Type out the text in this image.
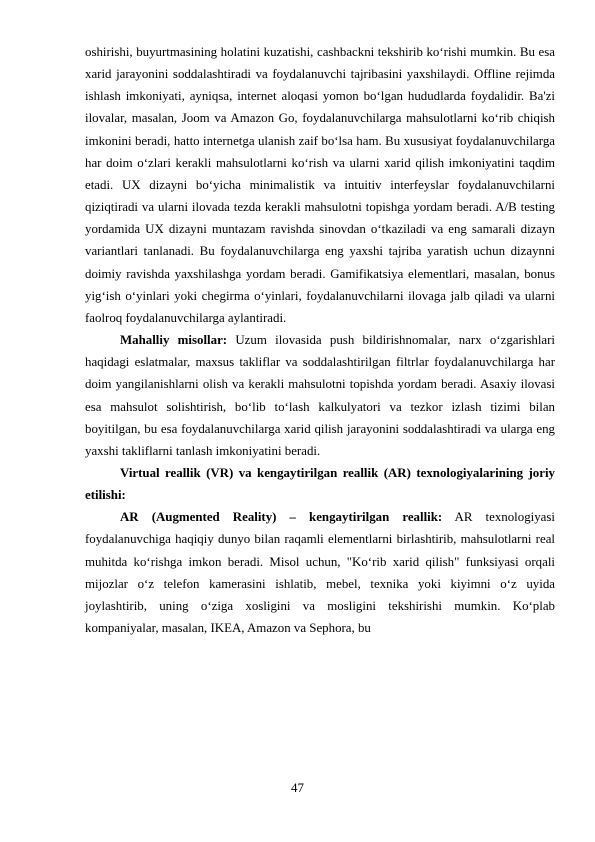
oshirishi, buyurtmasining holatini kuzatishi, cashbackni tekshirib ko‘rishi mumkin. Bu esa xarid jarayonini soddalashtiradi va foydalanuvchi tajribasini yaxshilaydi. Offline rejimda ishlash imkoniyati, ayniqsa, internet aloqasi yomon bo‘lgan hududlarda foydalidir. Ba'zi ilovalar, masalan, Joom va Amazon Go, foydalanuvchilarga mahsulotlarni ko‘rib chiqish imkonini beradi, hatto internetga ulanish zaif bo‘lsa ham. Bu xususiyat foydalanuvchilarga har doim o‘zlari kerakli mahsulotlarni ko‘rish va ularni xarid qilish imkoniyatini taqdim etadi. UX dizayni bo‘yicha minimalistik va intuitiv interfeyslar foydalanuvchilarni qiziqtiradi va ularni ilovada tezda kerakli mahsulotni topishga yordam beradi. A/B testing yordamida UX dizayni muntazam ravishda sinovdan o‘tkaziladi va eng samarali dizayn variantlari tanlanadi. Bu foydalanuvchilarga eng yaxshi tajriba yaratish uchun dizaynni doimiy ravishda yaxshilashga yordam beradi. Gamifikatsiya elementlari, masalan, bonus yig‘ish o‘yinlari yoki chegirma o‘yinlari, foydalanuvchilarni ilovaga jalb qiladi va ularni faolroq foydalanuvchilarga aylantiradi.

Mahalliy misollar: Uzum ilovasida push bildirishnomalar, narx o‘zgarishlari haqidagi eslatmalar, maxsus takliflar va soddalashtirilgan filtrlar foydalanuvchilarga har doim yangilanishlarni olish va kerakli mahsulotni topishda yordam beradi. Asaxiy ilovasi esa mahsulot solishtirish, bo‘lib to‘lash kalkulyatori va tezkor izlash tizimi bilan boyitilgan, bu esa foydalanuvchilarga xarid qilish jarayonini soddalashtiradi va ularga eng yaxshi takliflarni tanlash imkoniyatini beradi.

Virtual reallik (VR) va kengaytirilgan reallik (AR) texnologiyalarining joriy etilishi:

AR (Augmented Reality) – kengaytirilgan reallik: AR texnologiyasi foydalanuvchiga haqiqiy dunyo bilan raqamli elementlarni birlashtirib, mahsulotlarni real muhitda ko‘rishga imkon beradi. Misol uchun, "Ko‘rib xarid qilish" funksiyasi orqali mijozlar o‘z telefon kamerasini ishlatib, mebel, texnika yoki kiyimni o‘z uyida joylashtirib, uning o‘ziga xosligini va mosligini tekshirishi mumkin. Ko‘plab kompaniyalar, masalan, IKEA, Amazon va Sephora, bu

47
